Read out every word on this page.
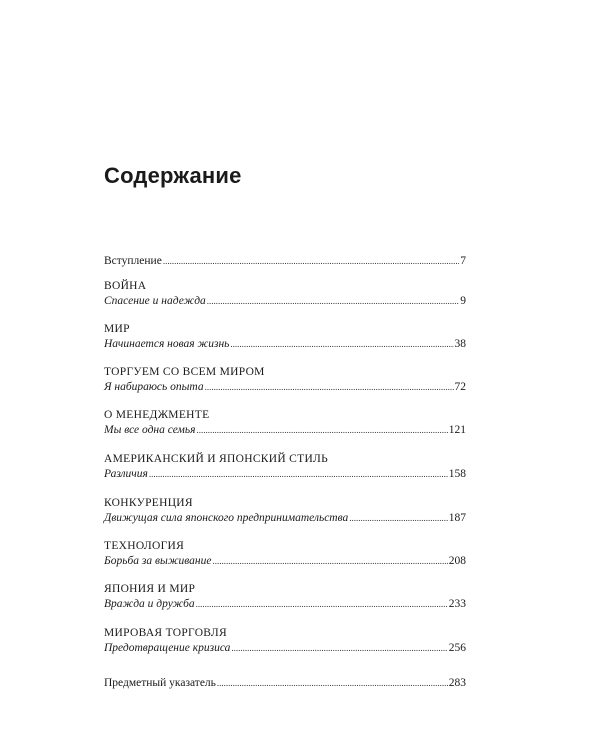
Содержание
Вступление .....	7
ВОЙНА
Спасение и надежда .....	9
МИР
Начинается новая жизнь .....	38
ТОРГУЕМ СО ВСЕМ МИРОМ
Я набираюсь опыта .....	72
О МЕНЕДЖМЕНТЕ
Мы все одна семья .....	121
АМЕРИКАНСКИЙ И ЯПОНСКИЙ СТИЛЬ
Различия .....	158
КОНКУРЕНЦИЯ
Движущая сила японского предпринимательства .....	187
ТЕХНОЛОГИЯ
Борьба за выживание .....	208
ЯПОНИЯ И МИР
Вражда и дружба .....	233
МИРОВАЯ ТОРГОВЛЯ
Предотвращение кризиса .....	256
Предметный указатель .....	283
